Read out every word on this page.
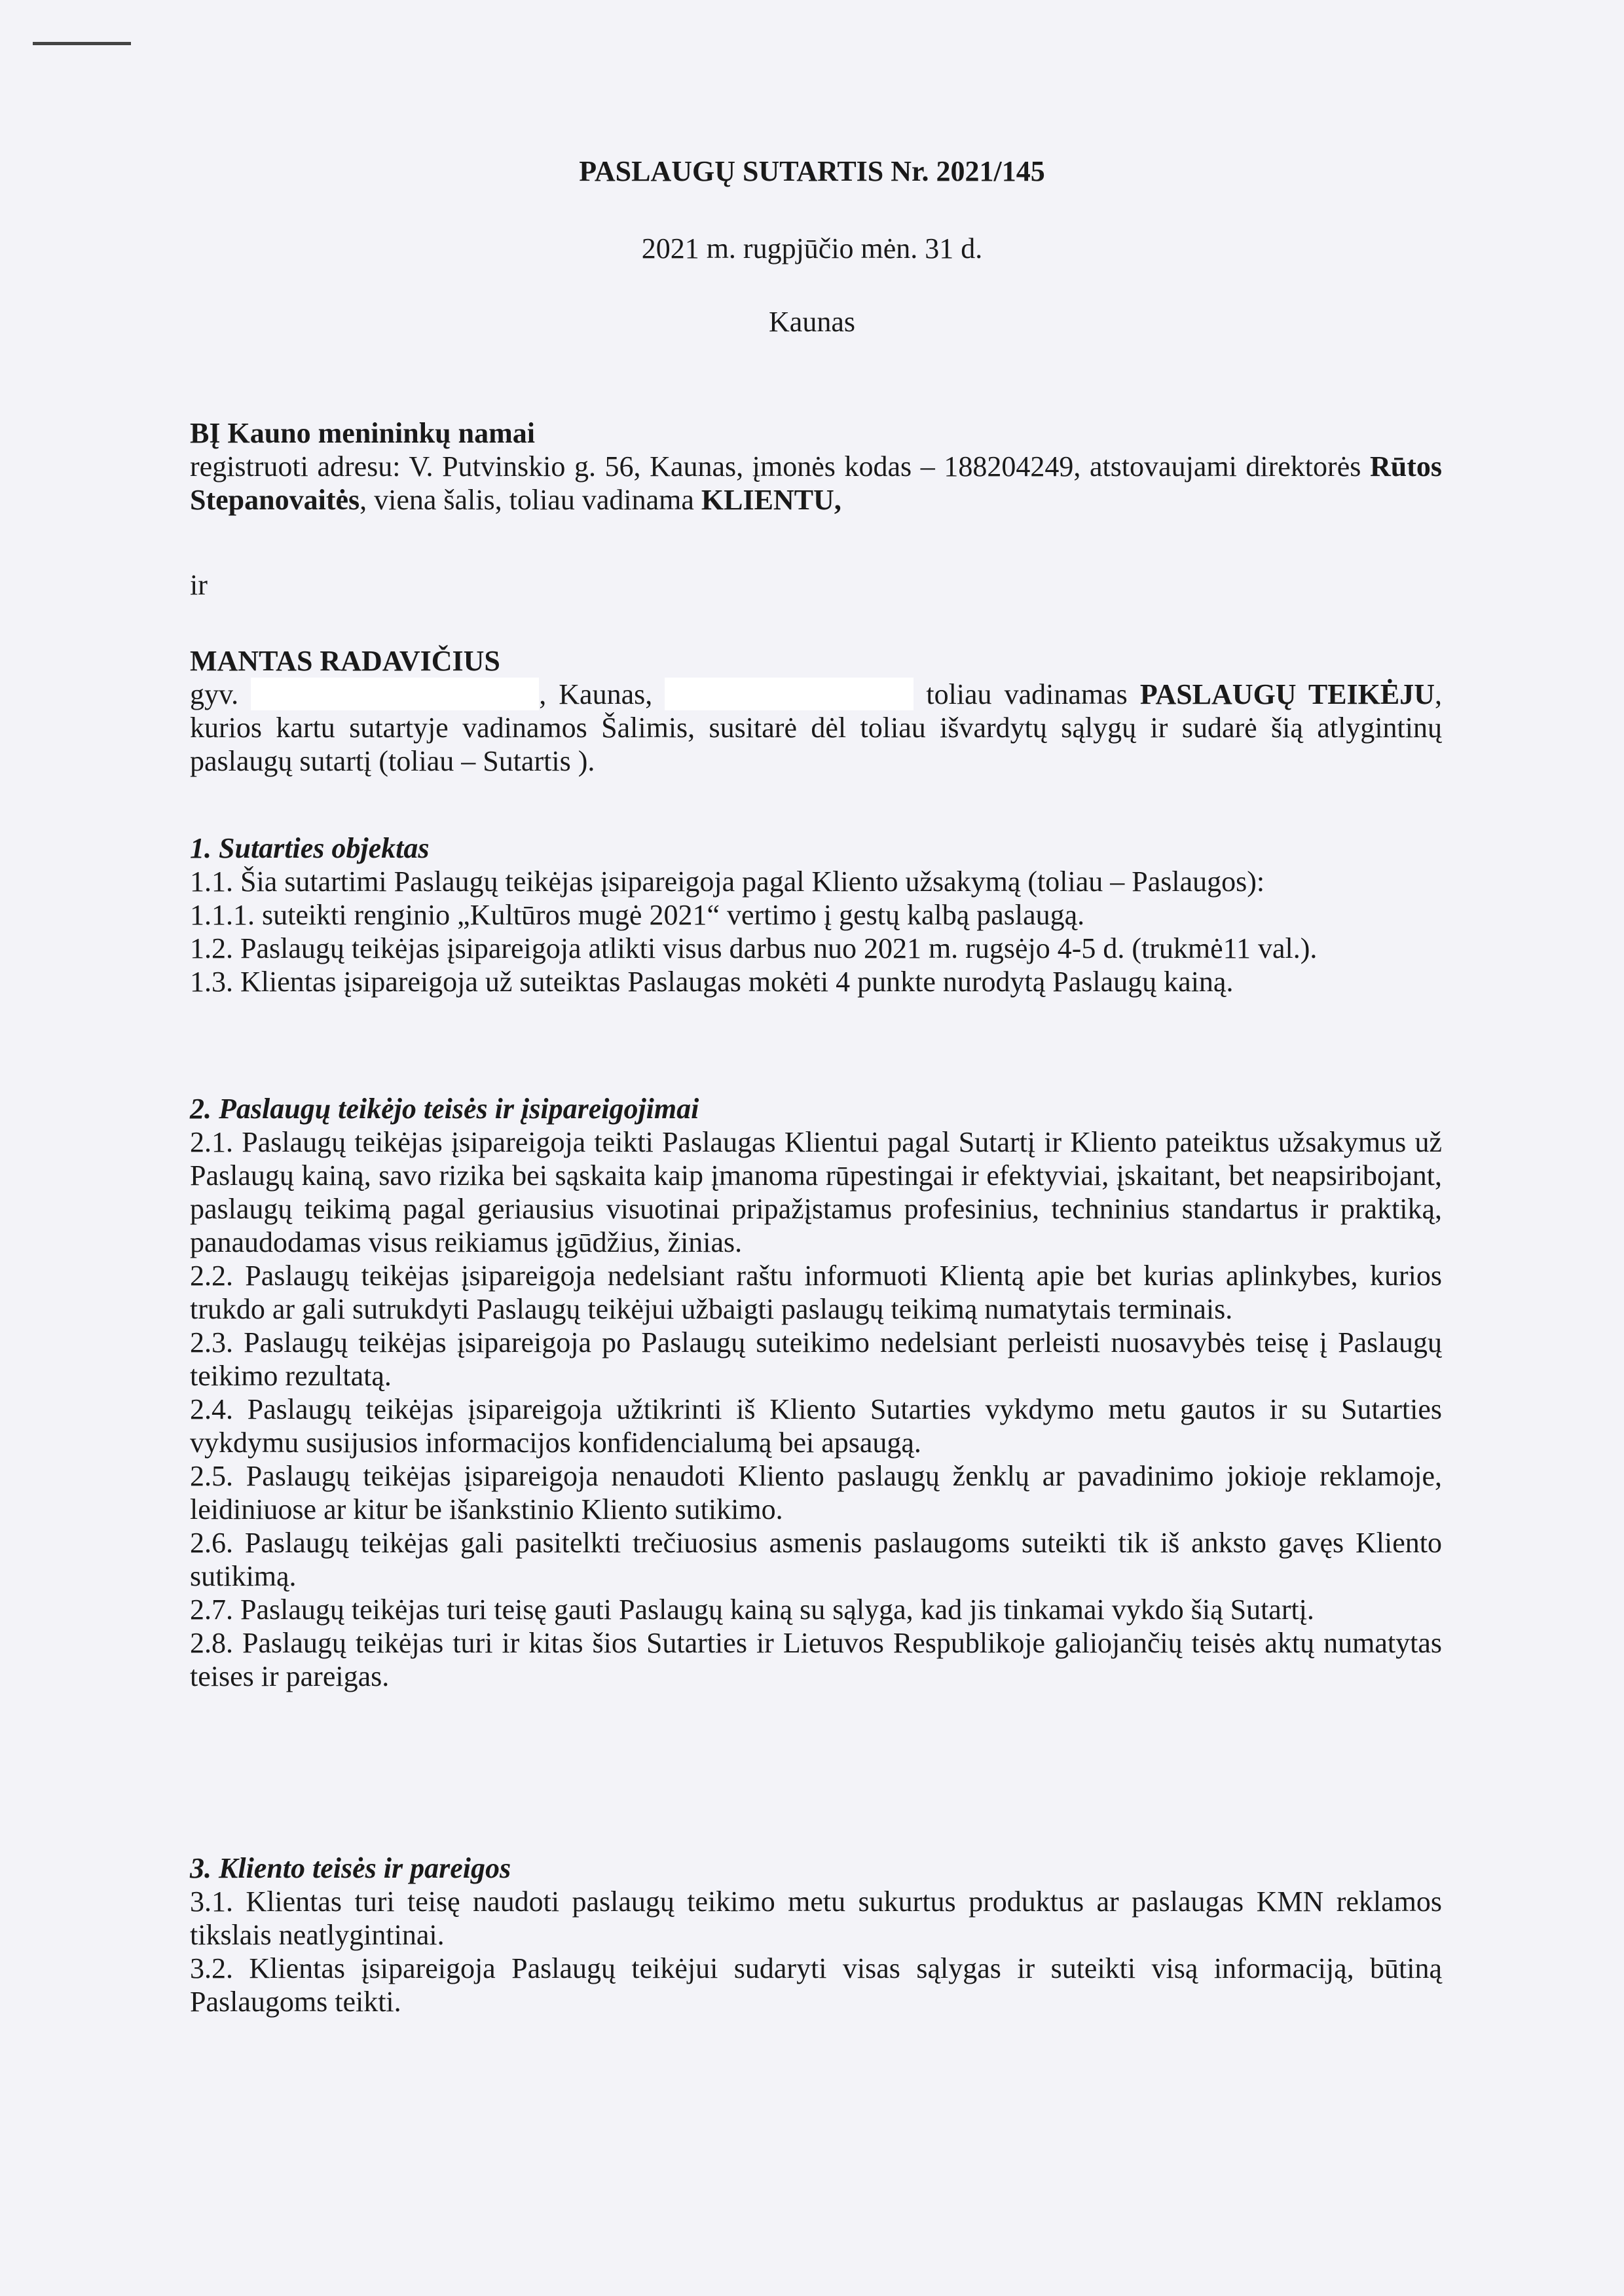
PASLAUGŲ SUTARTIS Nr. 2021/145
2021 m. rugpjūčio mėn. 31 d.
Kaunas

BĮ Kauno menininkų namai

registruoti adresu: V. Putvinskio g. 56, Kaunas, įmonės kodas – 188204249, atstovaujami direktorės Rūtos Stepanovaitės, viena šalis, toliau vadinama KLIENTU,

ir

MANTAS RADAVIČIUS

gyv.	, Kaunas,	toliau vadinamas PASLAUGŲ TEIKĖJU, kurios kartu sutartyje vadinamos Šalimis, susitarė dėl toliau išvardytų sąlygų ir sudarė šią atlygintinų paslaugų sutartį (toliau – Sutartis ).

1. Sutarties objektas

1.1. Šia sutartimi Paslaugų teikėjas įsipareigoja pagal Kliento užsakymą (toliau – Paslaugos):

1.1.1. suteikti renginio „Kultūros mugė 2021“ vertimo į gestų kalbą paslaugą.

1.2. Paslaugų teikėjas įsipareigoja atlikti visus darbus nuo 2021 m. rugsėjo 4-5 d. (trukmė11 val.).

1.3. Klientas įsipareigoja už suteiktas Paslaugas mokėti 4 punkte nurodytą Paslaugų kainą.

2. Paslaugų teikėjo teisės ir įsipareigojimai

2.1. Paslaugų teikėjas įsipareigoja teikti Paslaugas Klientui pagal Sutartį ir Kliento pateiktus užsakymus už Paslaugų kainą, savo rizika bei sąskaita kaip įmanoma rūpestingai ir efektyviai, įskaitant, bet neapsiribojant, paslaugų teikimą pagal geriausius visuotinai pripažįstamus profesinius, techninius standartus ir praktiką, panaudodamas visus reikiamus įgūdžius, žinias.

2.2. Paslaugų teikėjas įsipareigoja nedelsiant raštu informuoti Klientą apie bet kurias aplinkybes, kurios trukdo ar gali sutrukdyti Paslaugų teikėjui užbaigti paslaugų teikimą numatytais terminais.

2.3. Paslaugų teikėjas įsipareigoja po Paslaugų suteikimo nedelsiant perleisti nuosavybės teisę į Paslaugų teikimo rezultatą.

2.4. Paslaugų teikėjas įsipareigoja užtikrinti iš Kliento Sutarties vykdymo metu gautos ir su Sutarties vykdymu susijusios informacijos konfidencialumą bei apsaugą.

2.5. Paslaugų teikėjas įsipareigoja nenaudoti Kliento paslaugų ženklų ar pavadinimo jokioje reklamoje, leidiniuose ar kitur be išankstinio Kliento sutikimo.

2.6. Paslaugų teikėjas gali pasitelkti trečiuosius asmenis paslaugoms suteikti tik iš anksto gavęs Kliento sutikimą.

2.7. Paslaugų teikėjas turi teisę gauti Paslaugų kainą su sąlyga, kad jis tinkamai vykdo šią Sutartį.

2.8. Paslaugų teikėjas turi ir kitas šios Sutarties ir Lietuvos Respublikoje galiojančių teisės aktų numatytas teises ir pareigas.

3. Kliento teisės ir pareigos

3.1. Klientas turi teisę naudoti paslaugų teikimo metu sukurtus produktus ar paslaugas KMN reklamos tikslais neatlygintinai.

3.2. Klientas įsipareigoja Paslaugų teikėjui sudaryti visas sąlygas ir suteikti visą informaciją, būtiną Paslaugoms teikti.
